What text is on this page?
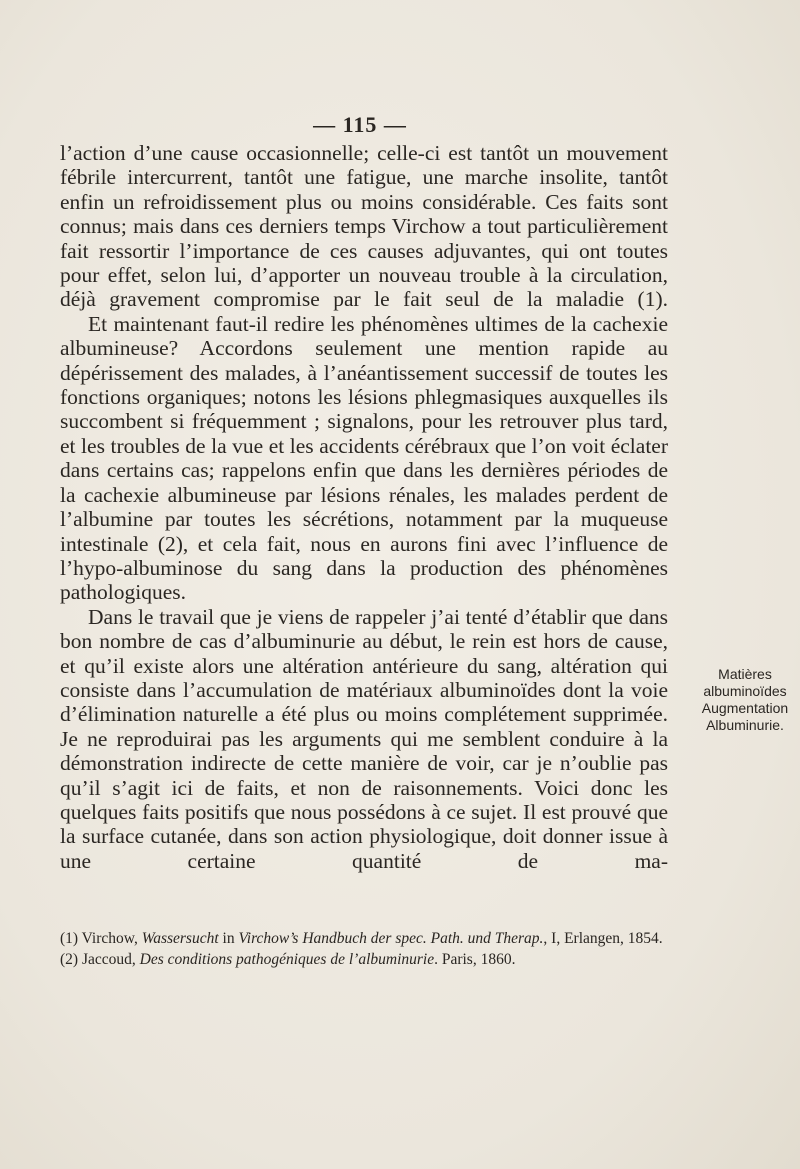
— 115 —

l’action d’une cause occasionnelle; celle-ci est tantôt un mouvement fébrile intercurrent, tantôt une fatigue, une marche insolite, tantôt enfin un refroidissement plus ou moins considérable. Ces faits sont connus; mais dans ces derniers temps Virchow a tout particulièrement fait ressortir l’importance de ces causes adjuvantes, qui ont toutes pour effet, selon lui, d’apporter un nouveau trouble à la circulation, déjà gravement compromise par le fait seul de la maladie (1).

Et maintenant faut-il redire les phénomènes ultimes de la cachexie albumineuse? Accordons seulement une mention rapide au dépérissement des malades, à l’anéantissement successif de toutes les fonctions organiques; notons les lésions phlegmasiques auxquelles ils succombent si fréquemment ; signalons, pour les retrouver plus tard, et les troubles de la vue et les accidents cérébraux que l’on voit éclater dans certains cas; rappelons enfin que dans les dernières périodes de la cachexie albumineuse par lésions rénales, les malades perdent de l’albumine par toutes les sécrétions, notamment par la muqueuse intestinale (2), et cela fait, nous en aurons fini avec l’influence de l’hypo-albuminose du sang dans la production des phénomènes pathologiques.

Dans le travail que je viens de rappeler j’ai tenté d’établir que dans bon nombre de cas d’albuminurie au début, le rein est hors de cause, et qu’il existe alors une altération antérieure du sang, altération qui consiste dans l’accumulation de matériaux albuminoïdes dont la voie d’élimination naturelle a été plus ou moins complétement supprimée. Je ne reproduirai pas les arguments qui me semblent conduire à la démonstration indirecte de cette manière de voir, car je n’oublie pas qu’il s’agit ici de faits, et non de raisonnements. Voici donc les quelques faits positifs que nous possédons à ce sujet. Il est prouvé que la surface cutanée, dans son action physiologique, doit donner issue à une certaine quantité de ma-

Matières
albuminoïdes
Augmentation
Albuminurie.

(1) Virchow, Wassersucht in Virchow’s Handbuch der spec. Path. und Therap., I, Erlangen, 1854.

(2) Jaccoud, Des conditions pathogéniques de l’albuminurie. Paris, 1860.
